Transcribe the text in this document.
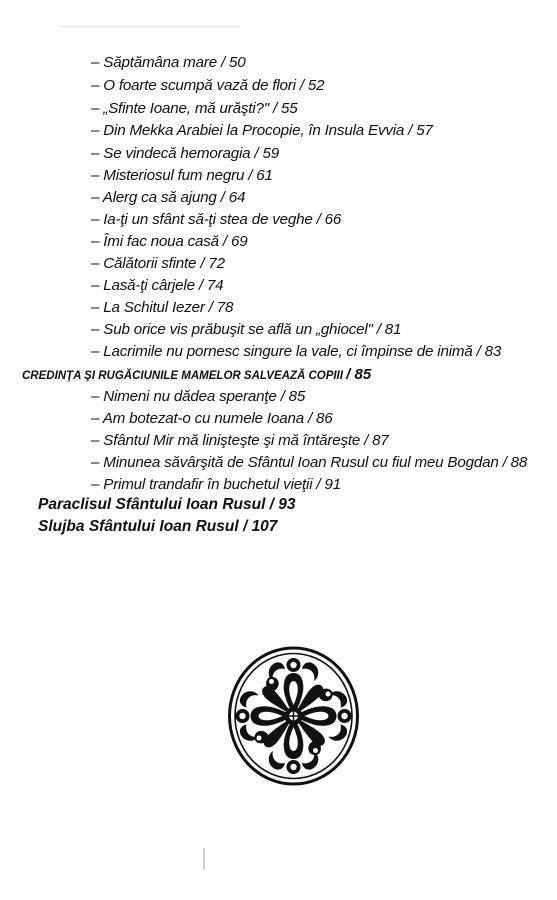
– Săptămâna mare / 50
– O foarte scumpă vază de flori / 52
– „Sfinte Ioane, mă urăşti?" / 55
– Din Mekka Arabiei la Procopie, în Insula Evvia / 57
– Se vindecă hemoragia / 59
– Misteriosul fum negru / 61
– Alerg ca să ajung / 64
– Ia-ţi un sfânt să-ţi stea de veghe / 66
– Îmi fac noua casă / 69
– Călătorii sfinte / 72
– Lasă-ţi cârjele / 74
– La Schitul Iezer / 78
– Sub orice vis prăbuşit se află un „ghiocel" / 81
– Lacrimile nu pornesc singure la vale, ci împinse de inimă / 83
CREDINŢA ŞI RUGĂCIUNILE MAMELOR SALVEAZĂ COPIII / 85
– Nimeni nu dădea speranţe / 85
– Am botezat-o cu numele Ioana / 86
– Sfântul Mir mă linişteşte şi mă întăreşte / 87
– Minunea săvârşită de Sfântul Ioan Rusul cu fiul meu Bogdan / 88
– Primul trandafir în buchetul vieţii / 91
Paraclisul Sfântului Ioan Rusul / 93
Slujba Sfântului Ioan Rusul / 107
